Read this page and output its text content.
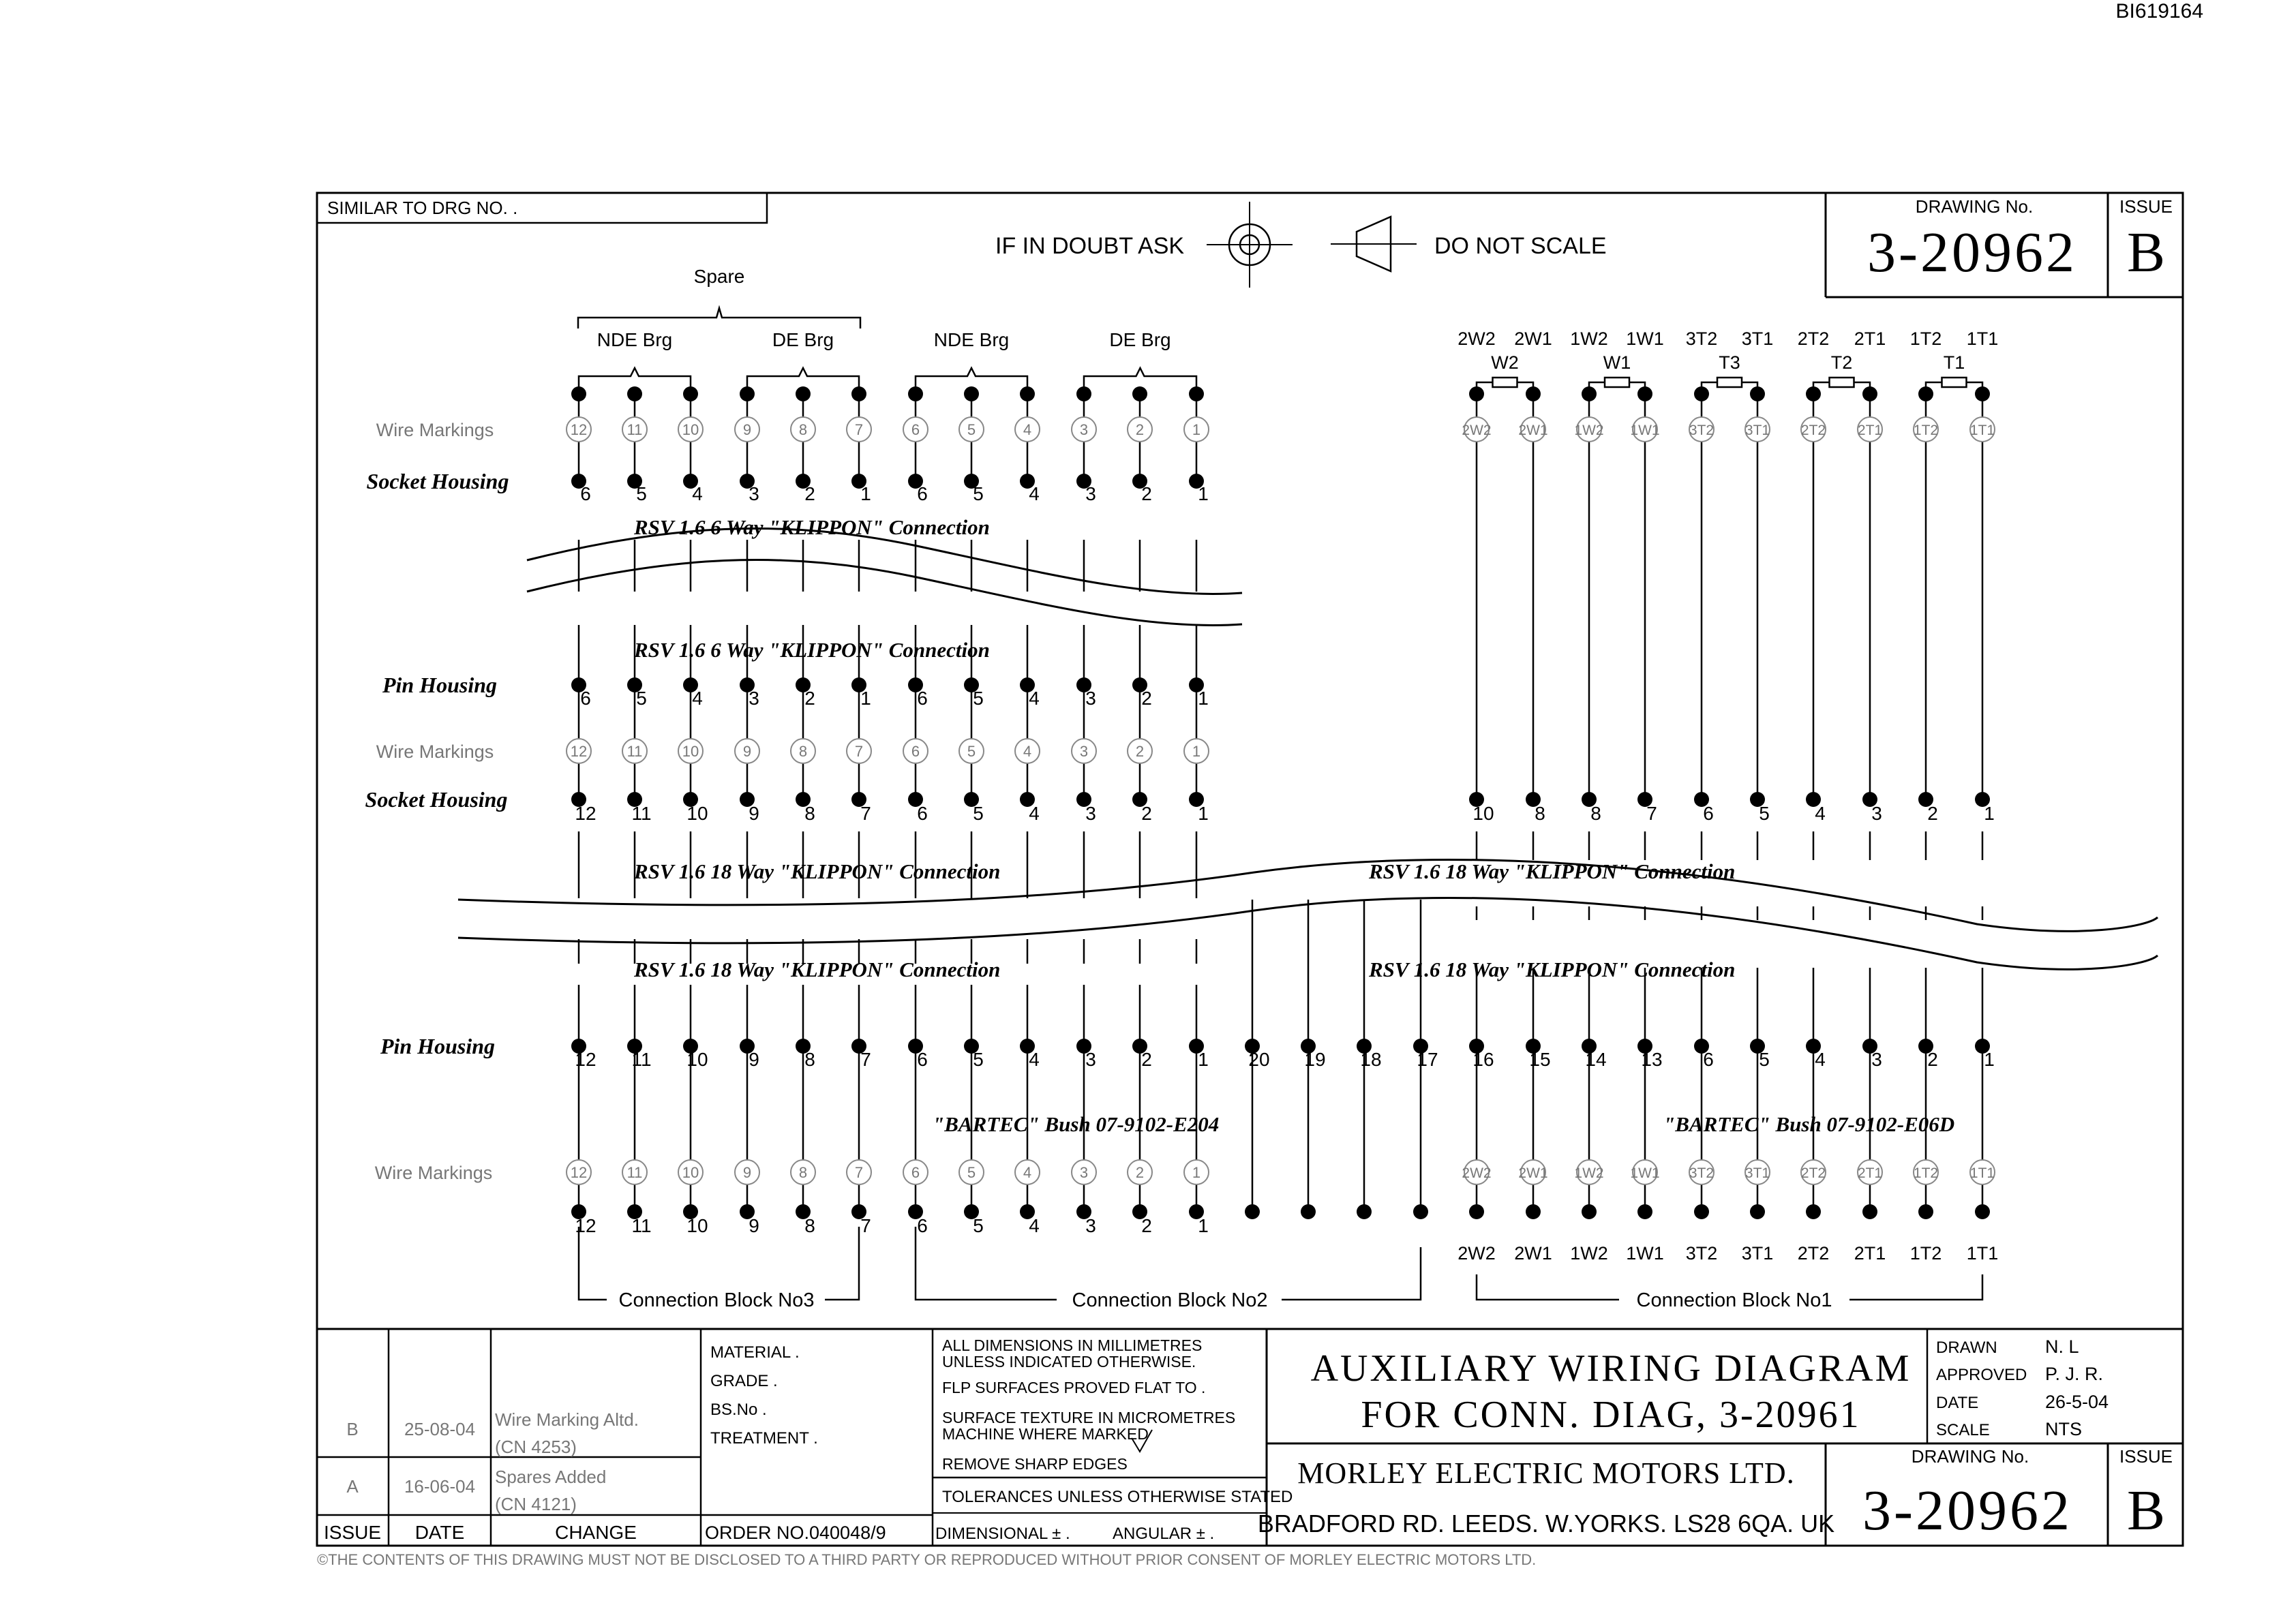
BI619164
SIMILAR TO DRG NO. .
IF IN DOUBT ASK	DO NOT SCALE
DRAWING No.
3-20962
ISSUE
B
Spare
NDE Brg	DE Brg	NDE Brg	DE Brg	2W2 2W1 1W2 1W1 3T2 3T1 2T2 2T1 1T2 1T1
W2	W1	T3	T2	T1
Wire Markings
Socket Housing
Pin Housing
Wire Markings
Socket Housing
Pin Housing
Wire Markings
RSV 1.6 6 Way "KLIPPON" Connection
RSV 1.6 6 Way "KLIPPON" Connection
RSV 1.6 18 Way "KLIPPON" Connection	RSV 1.6 18 Way "KLIPPON" Connection
RSV 1.6 18 Way "KLIPPON" Connection	RSV 1.6 18 Way "KLIPPON" Connection
"BARTEC" Bush 07-9102-E204	"BARTEC" Bush 07-9102-E06D
12
12
12
11
11
11
10
10
10
9
9
9
8
8
8
7
7
7
6
6
6
5
5
5
4
4
4
3
3
3
2
2
2
1
1
1
2W2
2W2
2W1
2W1
1W2
1W2
1W1
1W1
3T2
3T2
3T1
3T1
2T2
2T2
2T1
2T1
1T2
1T2
1T1
1T1
6 5 4 3 2 1 6 5 4 3 2 1
6 5 4 3 2 1 6 5 4 3 2 1
12 11 10 9 8 7 6 5 4 3 2 1	10 8 8 7 6 5 4 3 2 1
12 11 10 9 8 7 6 5 4 3 2 1 20 19 18 17 16 15 14 13 6 5 4 3 2 1
12 11 10 9 8 7 6 5 4 3 2 1
2W2 2W1 1W2 1W1 3T2 3T1 2T2 2T1 1T2 1T1
Connection Block No3	Connection Block No2	Connection Block No1
B	25-08-04 Wire Marking Altd.
(CN 4253)
A	16-06-04 Spares Added
(CN 4121)
ISSUE DATE	CHANGE
MATERIAL .
GRADE .
BS.No .
TREATMENT .
ORDER NO.040048/9
ALL DIMENSIONS IN MILLIMETRES
UNLESS INDICATED OTHERWISE.
FLP SURFACES PROVED FLAT TO .
SURFACE TEXTURE IN MICROMETRES
MACHINE WHERE MARKED
REMOVE SHARP EDGES
TOLERANCES UNLESS OTHERWISE STATED
DIMENSIONAL ± .	ANGULAR ± .
AUXILIARY WIRING DIAGRAM
FOR CONN. DIAG, 3-20961
DRAWN	N. L
APPROVED P. J. R.
DATE	26-5-04
SCALE	NTS
MORLEY ELECTRIC MOTORS LTD.
BRADFORD RD. LEEDS. W.YORKS. LS28 6QA. UK
DRAWING No.
3-20962
ISSUE
B
©THE CONTENTS OF THIS DRAWING MUST NOT BE DISCLOSED TO A THIRD PARTY OR REPRODUCED WITHOUT PRIOR CONSENT OF MORLEY ELECTRIC MOTORS LTD.
